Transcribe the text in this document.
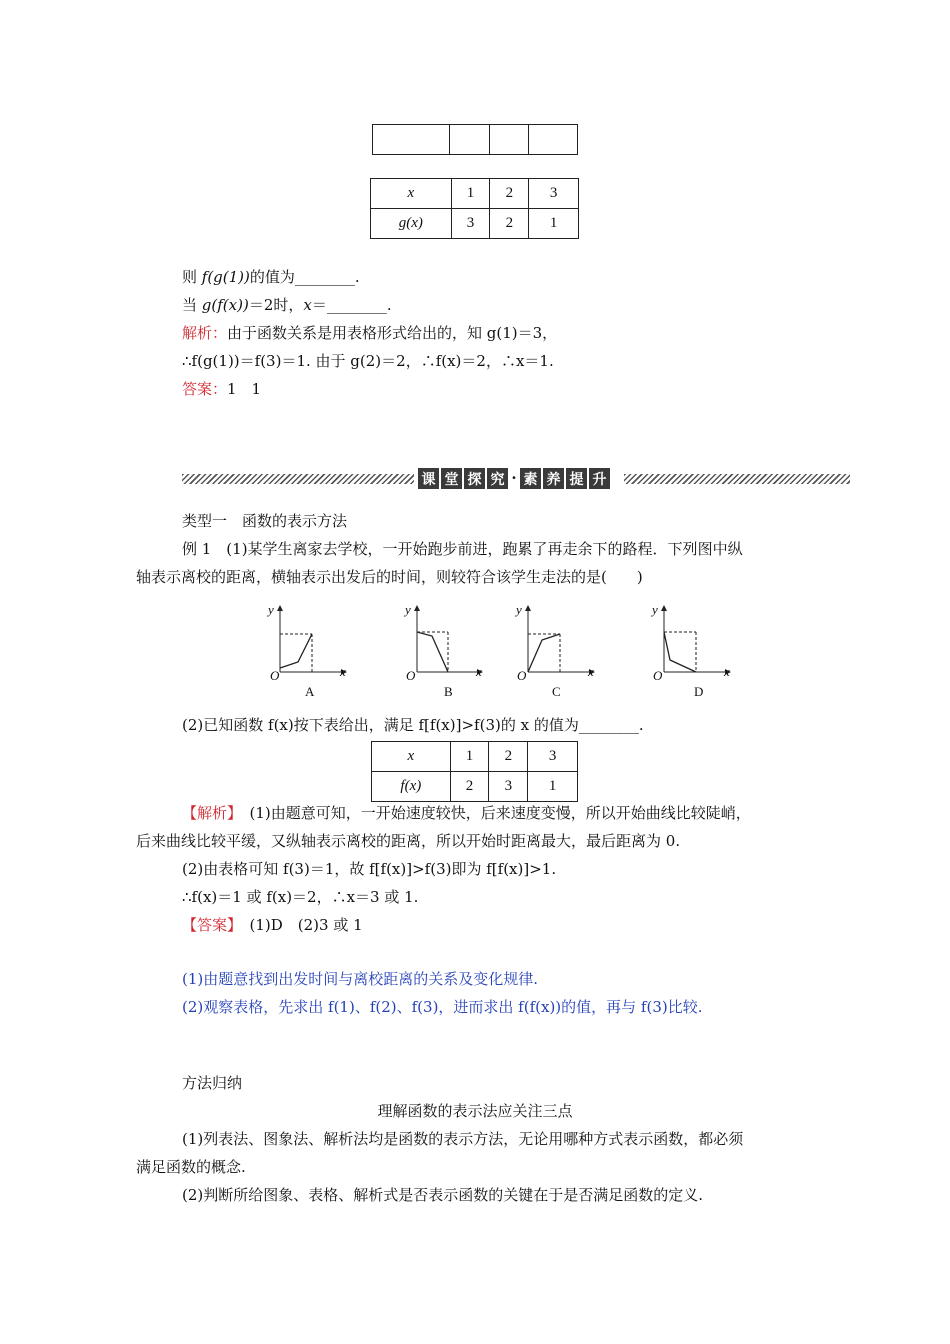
x	1	2	3
g(x)	3	2	1
则 f(g(1))的值为________.
当 g(f(x))＝2时，x＝________.
解析：由于函数关系是用表格形式给出的，知 g(1)＝3，
∴f(g(1))＝f(3)＝1. 由于 g(2)＝2，∴f(x)＝2，∴x＝1.
答案：1　1
课 堂 探 究 · 素 养 提 升
类型一　函数的表示方法
例 1　(1)某学生离家去学校，一开始跑步前进，跑累了再走余下的路程．下列图中纵
轴表示离校的距离，横轴表示出发后的时间，则较符合该学生走法的是(　　)
y
x
O
A
y
x
O
B
y
x
O
C
y
x
O
D
(2)已知函数 f(x)按下表给出，满足 f[f(x)]>f(3)的 x 的值为________.
x	1	2	3
f(x)	2	3	1
【解析】　(1)由题意可知，一开始速度较快，后来速度变慢，所以开始曲线比较陡峭，
后来曲线比较平缓，又纵轴表示离校的距离，所以开始时距离最大，最后距离为 0.
(2)由表格可知 f(3)＝1，故 f[f(x)]>f(3)即为 f[f(x)]>1.
∴f(x)＝1 或 f(x)＝2，∴x＝3 或 1.
【答案】　(1)D　(2)3 或 1
(1)由题意找到出发时间与离校距离的关系及变化规律.
(2)观察表格，先求出 f(1)、f(2)、f(3)，进而求出 f(f(x))的值，再与 f(3)比较.
方法归纳
理解函数的表示法应关注三点
(1)列表法、图象法、解析法均是函数的表示方法，无论用哪种方式表示函数，都必须
满足函数的概念.
(2)判断所给图象、表格、解析式是否表示函数的关键在于是否满足函数的定义.
